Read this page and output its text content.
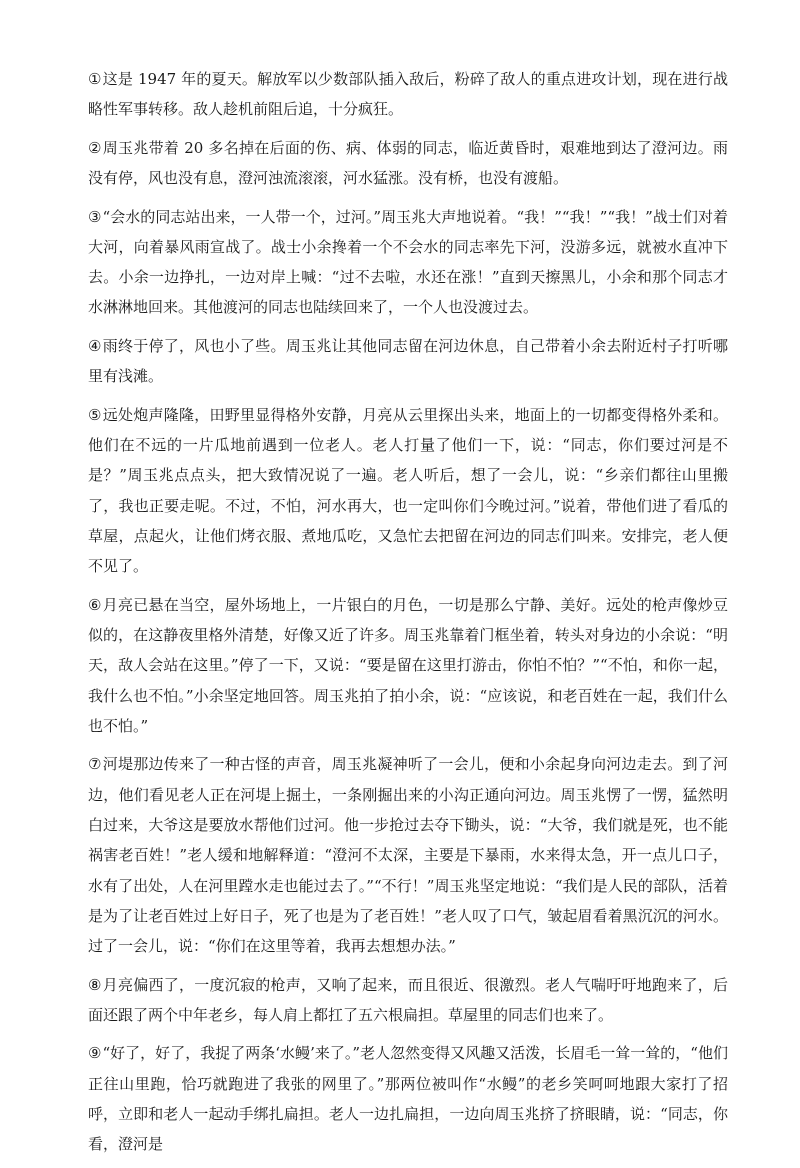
①这是 1947 年的夏天。解放军以少数部队插入敌后，粉碎了敌人的重点进攻计划，现在进行战略性军事转移。敌人趁机前阻后追，十分疯狂。

②周玉兆带着 20 多名掉在后面的伤、病、体弱的同志，临近黄昏时，艰难地到达了澄河边。雨没有停，风也没有息，澄河浊流滚滚，河水猛涨。没有桥，也没有渡船。

③“会水的同志站出来，一人带一个，过河。”周玉兆大声地说着。“我！”“我！”“我！”战士们对着大河，向着暴风雨宣战了。战士小余搀着一个不会水的同志率先下河，没游多远，就被水直冲下去。小余一边挣扎，一边对岸上喊：“过不去啦，水还在涨！”直到天擦黑儿，小余和那个同志才水淋淋地回来。其他渡河的同志也陆续回来了，一个人也没渡过去。

④雨终于停了，风也小了些。周玉兆让其他同志留在河边休息，自己带着小余去附近村子打听哪里有浅滩。

⑤远处炮声隆隆，田野里显得格外安静，月亮从云里探出头来，地面上的一切都变得格外柔和。他们在不远的一片瓜地前遇到一位老人。老人打量了他们一下，说：“同志，你们要过河是不是？”周玉兆点点头，把大致情况说了一遍。老人听后，想了一会儿，说：“乡亲们都往山里搬了，我也正要走呢。不过，不怕，河水再大，也一定叫你们今晚过河。”说着，带他们进了看瓜的草屋，点起火，让他们烤衣服、煮地瓜吃，又急忙去把留在河边的同志们叫来。安排完，老人便不见了。

⑥月亮已悬在当空，屋外场地上，一片银白的月色，一切是那么宁静、美好。远处的枪声像炒豆似的，在这静夜里格外清楚，好像又近了许多。周玉兆靠着门框坐着，转头对身边的小余说：“明天，敌人会站在这里。”停了一下，又说：“要是留在这里打游击，你怕不怕？”“不怕，和你一起，我什么也不怕。”小余坚定地回答。周玉兆拍了拍小余，说：“应该说，和老百姓在一起，我们什么也不怕。”

⑦河堤那边传来了一种古怪的声音，周玉兆凝神听了一会儿，便和小余起身向河边走去。到了河边，他们看见老人正在河堤上掘土，一条刚掘出来的小沟正通向河边。周玉兆愣了一愣，猛然明白过来，大爷这是要放水帮他们过河。他一步抢过去夺下锄头，说：“大爷，我们就是死，也不能祸害老百姓！”老人缓和地解释道：“澄河不太深，主要是下暴雨，水来得太急，开一点儿口子，水有了出处，人在河里蹚水走也能过去了。”“不行！”周玉兆坚定地说：“我们是人民的部队，活着是为了让老百姓过上好日子，死了也是为了老百姓！”老人叹了口气，皱起眉看着黑沉沉的河水。过了一会儿，说：“你们在这里等着，我再去想想办法。”

⑧月亮偏西了，一度沉寂的枪声，又响了起来，而且很近、很激烈。老人气喘吁吁地跑来了，后面还跟了两个中年老乡，每人肩上都扛了五六根扁担。草屋里的同志们也来了。

⑨“好了，好了，我捉了两条‘水鳗’来了。”老人忽然变得又风趣又活泼，长眉毛一耸一耸的，“他们正往山里跑，恰巧就跑进了我张的网里了。”那两位被叫作“水鳗”的老乡笑呵呵地跟大家打了招呼，立即和老人一起动手绑扎扁担。老人一边扎扁担，一边向周玉兆挤了挤眼睛，说：“同志，你看，澄河是
